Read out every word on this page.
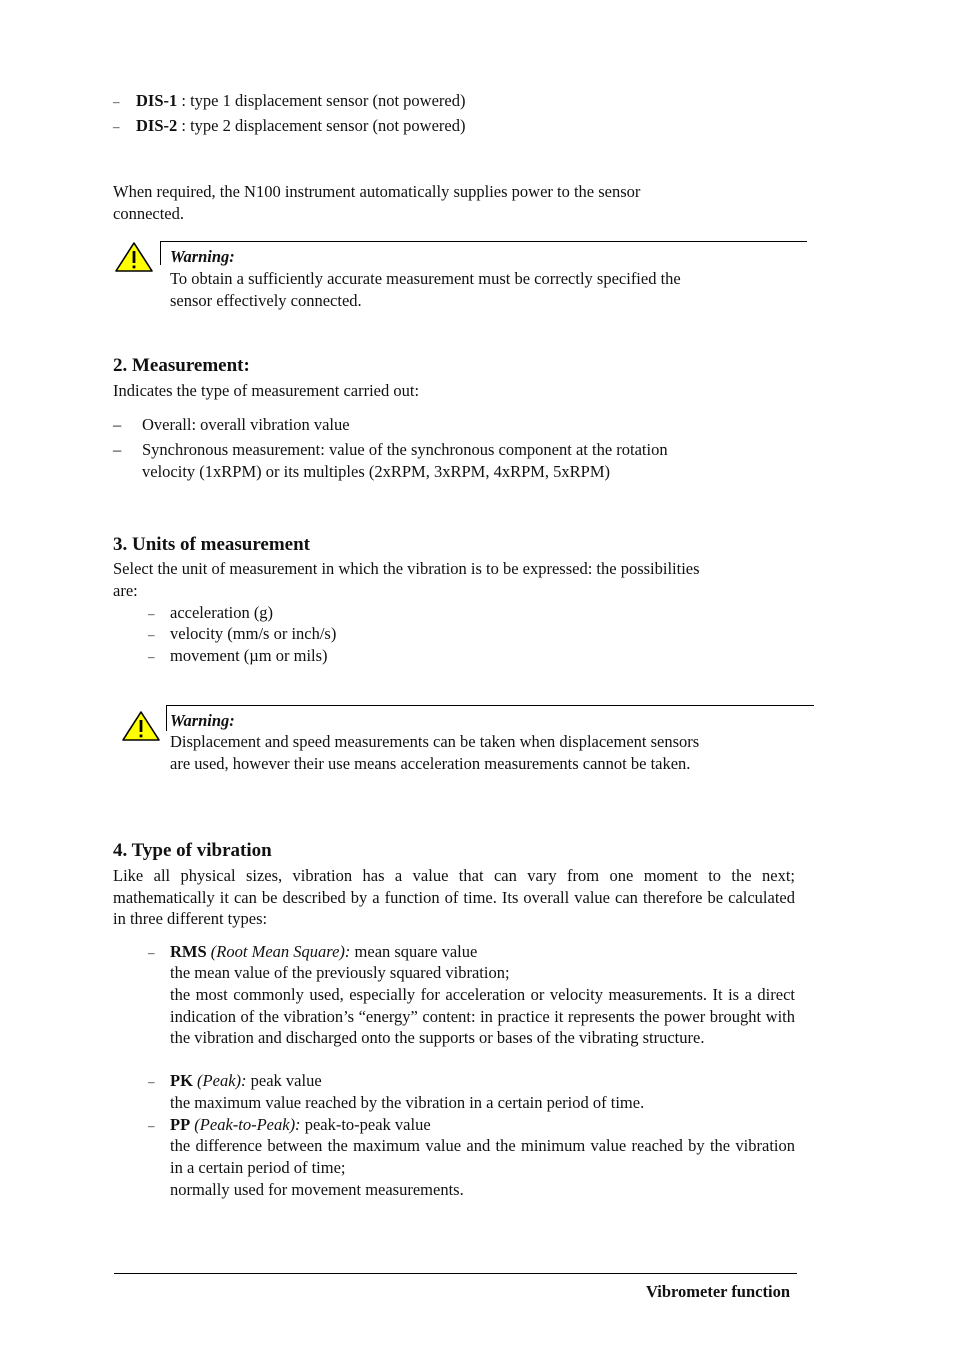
– DIS-1 : type 1 displacement sensor (not powered)
– DIS-2 : type 2 displacement sensor (not powered)
When required, the N100 instrument automatically supplies power to the sensor
connected.
Warning:
To obtain a sufficiently accurate measurement must be correctly specified the
sensor effectively connected.
2. Measurement:
Indicates the type of measurement carried out:
– Overall: overall vibration value
– Synchronous measurement: value of the synchronous component at the rotation
velocity (1xRPM) or its multiples (2xRPM, 3xRPM, 4xRPM, 5xRPM)
3. Units of measurement
Select the unit of measurement in which the vibration is to be expressed: the possibilities
are:
– acceleration (g)
– velocity (mm/s or inch/s)
– movement (µm or mils)
Warning:
Displacement and speed measurements can be taken when displacement sensors
are used, however their use means acceleration measurements cannot be taken.
4. Type of vibration
Like all physical sizes, vibration has a value that can vary from one moment to the next; mathematically it can be described by a function of time. Its overall value can therefore be calculated in three different types:
– RMS (Root Mean Square): mean square value
the mean value of the previously squared vibration;
the most commonly used, especially for acceleration or velocity measurements. It is a direct indication of the vibration’s “energy” content: in practice it represents the power brought with the vibration and discharged onto the supports or bases of the vibrating structure.
– PK (Peak): peak value
the maximum value reached by the vibration in a certain period of time.
– PP (Peak-to-Peak): peak-to-peak value
the difference between the maximum value and the minimum value reached by the vibration in a certain period of time;
normally used for movement measurements.
Vibrometer function
